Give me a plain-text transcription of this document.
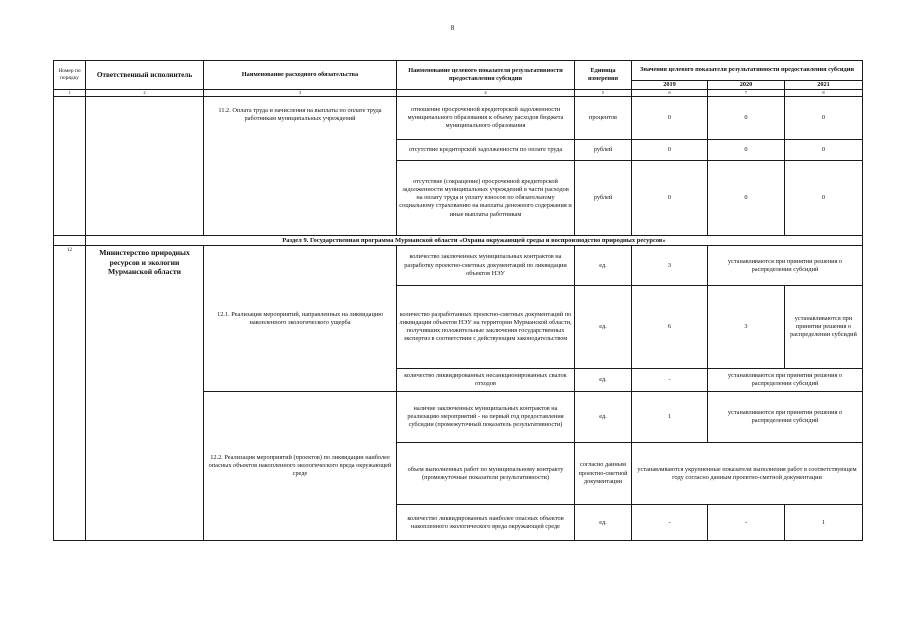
8
Номер по порядку	Ответственный исполнитель	Наименование расходного обязательства	Наименование целевого показателя результативности предоставления субсидии	Единица измерения	Значения целевого показателя результативности предоставления субсидии		
					2019	2020	2021
1	2	3	4	5	6	7	8
		11.2. Оплата труда и начисления на выплаты по оплате труда работникам муниципальных учреждений	отношение просроченной кредиторской задолженности муниципального образования к объему расходов бюджета муниципального образования	процентов	0	0	0
			отсутствие кредиторской задолженности по оплате труда	рублей	0	0	0
			отсутствие (сокращение) просроченной кредиторской задолженности муниципальных учреждений в части расходов на оплату труда и уплату взносов по обязательному социальному страхованию на выплаты денежного содержания и иные выплаты работникам	рублей	0	0	0
	Раздел 9. Государственная программа Мурманской области «Охрана окружающей среды и воспроизводство природных ресурсов»						
12	Министерство природных ресурсов и экологии Мурманской области	12.1. Реализация мероприятий, направленных на ликвидацию накопленного экологического ущерба	количество заключенных муниципальных контрактов на разработку проектно-сметных документаций по ликвидации объектов НЭУ	ед.	3	устанавливаются при принятии решения о распределении субсидий	
			количество разработанных проектно-сметных документаций по ликвидации объектов НЭУ на территории Мурманской области, получивших положительные заключения государственных экспертиз в соответствии с действующим законодательством	ед.	6	3	устанавливаются при принятии решения о распределении субсидий
			количество ликвидированных несанкционированных свалок отходов	ед.	-	устанавливаются при принятии решения о распределении субсидий	
		12.2. Реализация мероприятий (проектов) по ликвидации наиболее опасных объектов накопленного экологического вреда окружающей среде	наличие заключенных муниципальных контрактов на реализацию мероприятий - на первый год предоставления субсидии (промежуточный показатель результативности)	ед.	1	устанавливаются при принятии решения о распределении субсидий	
			объем выполненных работ по муниципальному контракту (промежуточные показатели результативности)	согласно данным проектно-сметной документации	устанавливаются укрупненные показатели выполнения работ в соответствующем году согласно данным проектно-сметной документации		
			количество ликвидированных наиболее опасных объектов накопленного экологического вреда окружающей среде	ед.	-	-	1
